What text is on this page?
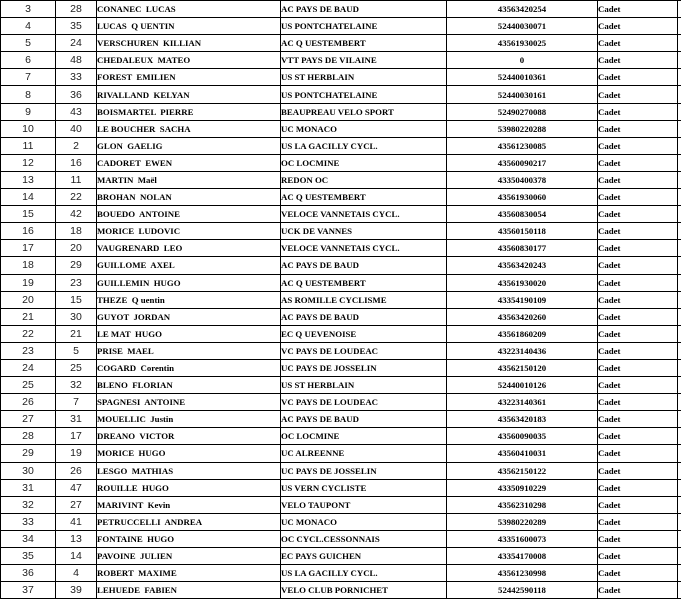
3	28	CONANEC  LUCAS	AC PAYS DE BAUD	43563420254	Cadet	
4	35	LUCAS  Q UENTIN	US PONTCHATELAINE	52440030071	Cadet	
5	24	VERSCHUREN  KILLIAN	AC Q UESTEMBERT	43561930025	Cadet	
6	48	CHEDALEUX  MATEO	VTT PAYS DE VILAINE	0	Cadet	
7	33	FOREST  EMILIEN	US ST HERBLAIN	52440010361	Cadet	
8	36	RIVALLAND  KELYAN	US PONTCHATELAINE	52440030161	Cadet	
9	43	BOISMARTEL  PIERRE	BEAUPREAU VELO SPORT	52490270088	Cadet	
10	40	LE BOUCHER  SACHA	UC MONACO	53980220288	Cadet	
11	2	GLON  GAELIG	US LA GACILLY CYCL.	43561230085	Cadet	
12	16	CADORET  EWEN	OC LOCMINE	43560090217	Cadet	
13	11	MARTIN  Maël	REDON OC	43350400378	Cadet	
14	22	BROHAN  NOLAN	AC Q UESTEMBERT	43561930060	Cadet	
15	42	BOUEDO  ANTOINE	VELOCE VANNETAIS CYCL.	43560830054	Cadet	
16	18	MORICE  LUDOVIC	UCK DE VANNES	43560150118	Cadet	
17	20	VAUGRENARD  LEO	VELOCE VANNETAIS CYCL.	43560830177	Cadet	
18	29	GUILLOME  AXEL	AC PAYS DE BAUD	43563420243	Cadet	
19	23	GUILLEMIN  HUGO	AC Q UESTEMBERT	43561930020	Cadet	
20	15	THEZE  Q uentin	AS ROMILLE CYCLISME	43354190109	Cadet	
21	30	GUYOT  JORDAN	AC PAYS DE BAUD	43563420260	Cadet	
22	21	LE MAT  HUGO	EC Q UEVENOISE	43561860209	Cadet	
23	5	PRISE  MAEL	VC PAYS DE LOUDEAC	43223140436	Cadet	
24	25	COGARD  Corentin	UC PAYS DE JOSSELIN	43562150120	Cadet	
25	32	BLENO  FLORIAN	US ST HERBLAIN	52440010126	Cadet	
26	7	SPAGNESI  ANTOINE	VC PAYS DE LOUDEAC	43223140361	Cadet	
27	31	MOUELLIC  Justin	AC PAYS DE BAUD	43563420183	Cadet	
28	17	DREANO  VICTOR	OC LOCMINE	43560090035	Cadet	
29	19	MORICE  HUGO	UC ALREENNE	43560410031	Cadet	
30	26	LESGO  MATHIAS	UC PAYS DE JOSSELIN	43562150122	Cadet	
31	47	ROUILLE  HUGO	US VERN CYCLISTE	43350910229	Cadet	
32	27	MARIVINT  Kevin	VELO TAUPONT	43562310298	Cadet	
33	41	PETRUCCELLI  ANDREA	UC MONACO	53980220289	Cadet	
34	13	FONTAINE  HUGO	OC CYCL.CESSONNAIS	43351600073	Cadet	
35	14	PAVOINE  JULIEN	EC PAYS GUICHEN	43354170008	Cadet	
36	4	ROBERT  MAXIME	US LA GACILLY CYCL.	43561230998	Cadet	
37	39	LEHUEDE  FABIEN	VELO CLUB PORNICHET	52442590118	Cadet	
